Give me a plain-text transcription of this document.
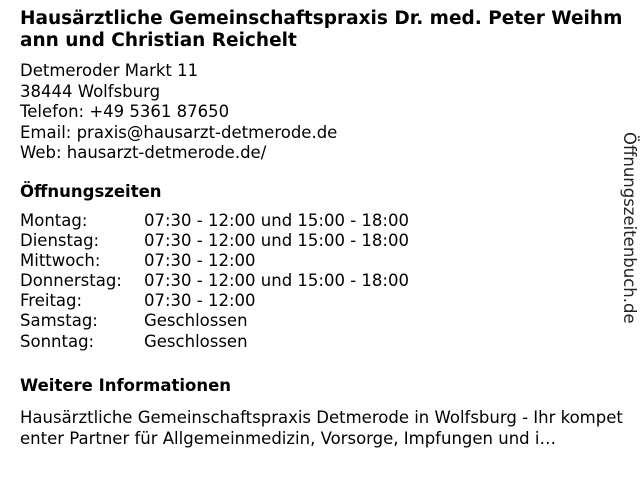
Hausärztliche Gemeinschaftspraxis Dr. med. Peter Weihmann und Christian Reichelt
Detmeroder Markt 11
38444 Wolfsburg
Telefon: +49 5361 87650
Email: praxis@hausarzt-detmerode.de
Web: hausarzt-detmerode.de/
Öffnungszeiten
Montag:	07:30 - 12:00 und 15:00 - 18:00
Dienstag:	07:30 - 12:00 und 15:00 - 18:00
Mittwoch:	07:30 - 12:00
Donnerstag:	07:30 - 12:00 und 15:00 - 18:00
Freitag:	07:30 - 12:00
Samstag:	Geschlossen
Sonntag:	Geschlossen
Weitere Informationen

Hausärztliche Gemeinschaftspraxis Detmerode in Wolfsburg - Ihr kompetenter Partner für Allgemeinmedizin, Vorsorge, Impfungen und i…

Öffnungszeitenbuch.de
